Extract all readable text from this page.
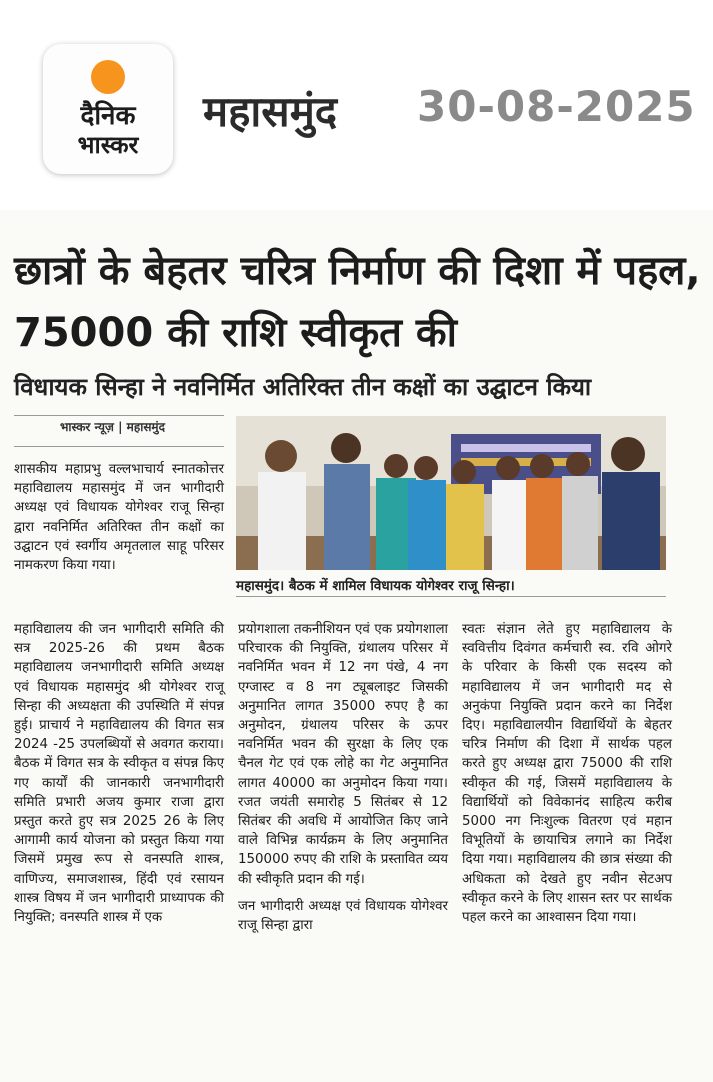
दैनिक
भास्कर
महासमुंद 30-08-2025
छात्रों के बेहतर चरित्र निर्माण की दिशा में पहल, 75000 की राशि स्वीकृत की
विधायक सिन्हा ने नवनिर्मित अतिरिक्त तीन कक्षों का उद्घाटन किया
भास्कर न्यूज़ | महासमुंद
महासमुंद। बैठक में शामिल विधायक योगेश्वर राजू सिन्हा।

शासकीय महाप्रभु वल्लभाचार्य स्नातकोत्तर महाविद्यालय महासमुंद में जन भागीदारी अध्यक्ष एवं विधायक योगेश्वर राजू सिन्हा द्वारा नवनिर्मित अतिरिक्त तीन कक्षों का उद्घाटन एवं स्वर्गीय अमृतलाल साहू परिसर नामकरण किया गया।

महाविद्यालय की जन भागीदारी समिति की सत्र 2025-26 की प्रथम बैठक महाविद्यालय जनभागीदारी समिति अध्यक्ष एवं विधायक महासमुंद श्री योगेश्वर राजू सिन्हा की अध्यक्षता की उपस्थिति में संपन्न हुई। प्राचार्य ने महाविद्यालय की विगत सत्र 2024 -25 उपलब्धियों से अवगत कराया। बैठक में विगत सत्र के स्वीकृत व संपन्न किए गए कार्यों की जानकारी जनभागीदारी समिति प्रभारी अजय कुमार राजा द्वारा प्रस्तुत करते हुए सत्र 2025 26 के लिए आगामी कार्य योजना को प्रस्तुत किया गया जिसमें प्रमुख रूप से वनस्पति शास्त्र, वाणिज्य, समाजशास्त्र, हिंदी एवं रसायन शास्त्र विषय में जन भागीदारी प्राध्यापक की नियुक्ति; वनस्पति शास्त्र में एक

प्रयोगशाला तकनीशियन एवं एक प्रयोगशाला परिचारक की नियुक्ति, ग्रंथालय परिसर में नवनिर्मित भवन में 12 नग पंखे, 4 नग एग्जास्ट व 8 नग ट्यूबलाइट जिसकी अनुमानित लागत 35000 रुपए है का अनुमोदन, ग्रंथालय परिसर के ऊपर नवनिर्मित भवन की सुरक्षा के लिए एक चैनल गेट एवं एक लोहे का गेट अनुमानित लागत 40000 का अनुमोदन किया गया। रजत जयंती समारोह 5 सितंबर से 12 सितंबर की अवधि में आयोजित किए जाने वाले विभिन्न कार्यक्रम के लिए अनुमानित 150000 रुपए की राशि के प्रस्तावित व्यय की स्वीकृति प्रदान की गई।

जन भागीदारी अध्यक्ष एवं विधायक योगेश्वर राजू सिन्हा द्वारा

स्वतः संज्ञान लेते हुए महाविद्यालय के स्ववित्तीय दिवंगत कर्मचारी स्व. रवि ओगरे के परिवार के किसी एक सदस्य को महाविद्यालय में जन भागीदारी मद से अनुकंपा नियुक्ति प्रदान करने का निर्देश दिए। महाविद्यालयीन विद्यार्थियों के बेहतर चरित्र निर्माण की दिशा में सार्थक पहल करते हुए अध्यक्ष द्वारा 75000 की राशि स्वीकृत की गई, जिसमें महाविद्यालय के विद्यार्थियों को विवेकानंद साहित्य करीब 5000 नग निःशुल्क वितरण एवं महान विभूतियों के छायाचित्र लगाने का निर्देश दिया गया। महाविद्यालय की छात्र संख्या की अधिकता को देखते हुए नवीन सेटअप स्वीकृत करने के लिए शासन स्तर पर सार्थक पहल करने का आश्वासन दिया गया।
